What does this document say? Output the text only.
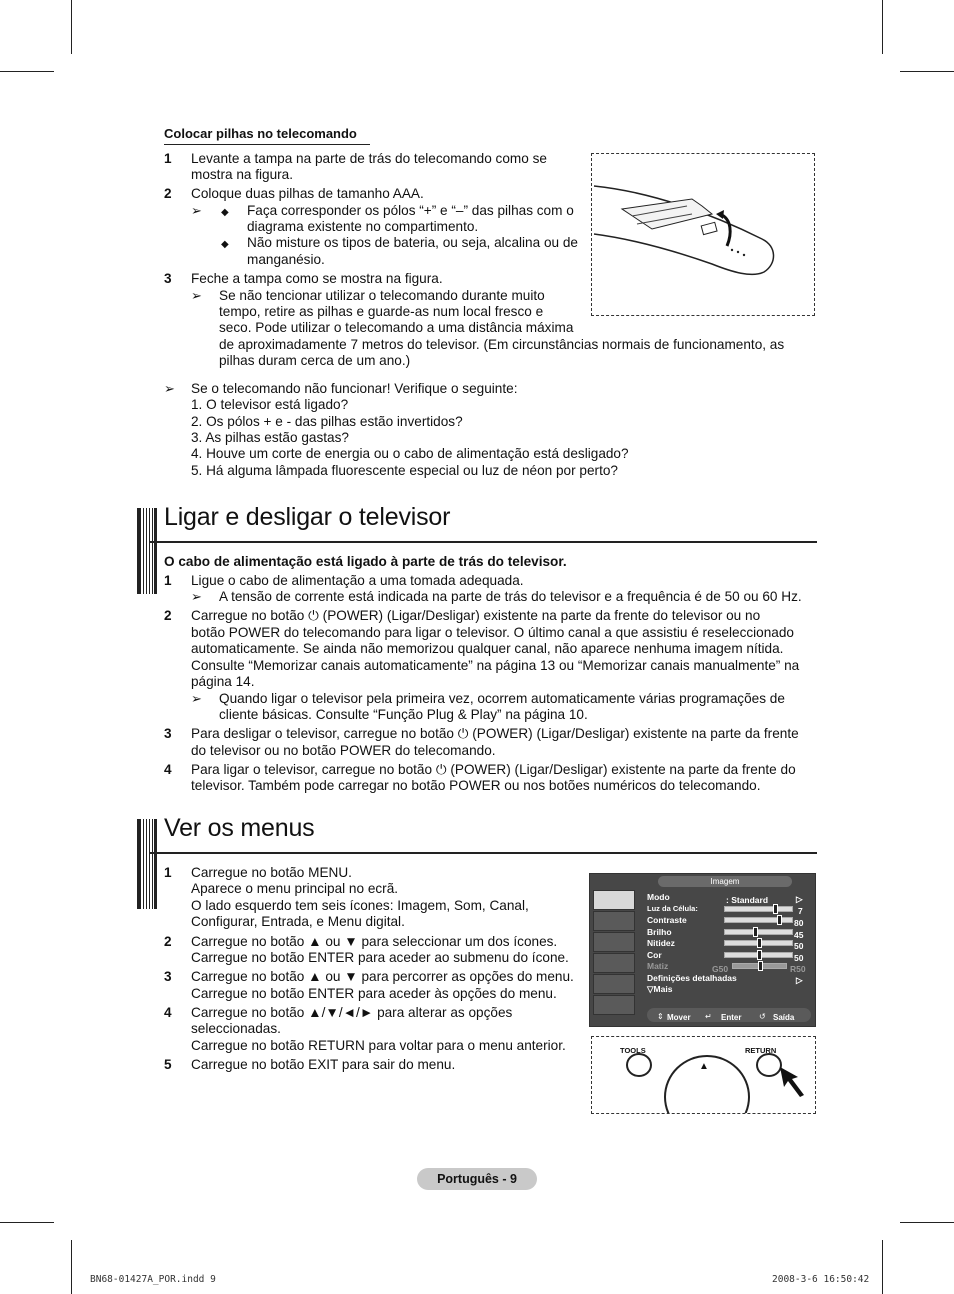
Colocar pilhas no telecomando
1 Levante a tampa na parte de trás do telecomando como se
mostra na figura.
2 Coloque duas pilhas de tamanho AAA.
➢ ◆ Faça corresponder os pólos “+” e “–” das pilhas com o
diagrama existente no compartimento.
◆ Não misture os tipos de bateria, ou seja, alcalina ou de
manganésio.
3 Feche a tampa como se mostra na figura.
➢ Se não tencionar utilizar o telecomando durante muito
tempo, retire as pilhas e guarde-as num local fresco e
seco. Pode utilizar o telecomando a uma distância máxima
de aproximadamente 7 metros do televisor. (Em circunstâncias normais de funcionamento, as
pilhas duram cerca de um ano.)
➢ Se o telecomando não funcionar! Verifique o seguinte:
1. O televisor está ligado?
2. Os pólos + e - das pilhas estão invertidos?
3. As pilhas estão gastas?
4. Houve um corte de energia ou o cabo de alimentação está desligado?
5. Há alguma lâmpada fluorescente especial ou luz de néon por perto?
Ligar e desligar o televisor
O cabo de alimentação está ligado à parte de trás do televisor.
1 Ligue o cabo de alimentação a uma tomada adequada.
➢ A tensão de corrente está indicada na parte de trás do televisor e a frequência é de 50 ou 60 Hz.
2 Carregue no botão ⏻ (POWER) (Ligar/Desligar) existente na parte da frente do televisor ou no
botão POWER do telecomando para ligar o televisor. O último canal a que assistiu é reseleccionado
automaticamente. Se ainda não memorizou qualquer canal, não aparece nenhuma imagem nítida.
Consulte “Memorizar canais automaticamente” na página 13 ou “Memorizar canais manualmente” na
página 14.
➢ Quando ligar o televisor pela primeira vez, ocorrem automaticamente várias programações de
cliente básicas. Consulte “Função Plug & Play” na página 10.
3 Para desligar o televisor, carregue no botão ⏻ (POWER) (Ligar/Desligar) existente na parte da frente
do televisor ou no botão POWER do telecomando.
4 Para ligar o televisor, carregue no botão ⏻ (POWER) (Ligar/Desligar) existente na parte da frente do
televisor. Também pode carregar no botão POWER ou nos botões numéricos do telecomando.
Ver os menus
1 Carregue no botão MENU.
Aparece o menu principal no ecrã.
O lado esquerdo tem seis ícones: Imagem, Som, Canal,
Configurar, Entrada, e Menu digital.
2 Carregue no botão ▲ ou ▼ para seleccionar um dos ícones.
Carregue no botão ENTER para aceder ao submenu do ícone.
3 Carregue no botão ▲ ou ▼ para percorrer as opções do menu.
Carregue no botão ENTER para aceder às opções do menu.
4 Carregue no botão ▲/▼/◄/► para alterar as opções
seleccionadas.
Carregue no botão RETURN para voltar para o menu anterior.
5 Carregue no botão EXIT para sair do menu.
Imagem
Modo	: Standard	▷
Luz da Célula:	7
Contraste	80
Brilho	45
Nitidez	50
Cor	50
Matiz	G50	R50
Definições detalhadas	▷
▽Mais
⇕ Mover ↵ Enter ↺ Saída
TOOLS	RETURN
▲
Português - 9
BN68-01427A_POR.indd 9	2008-3-6 16:50:42
